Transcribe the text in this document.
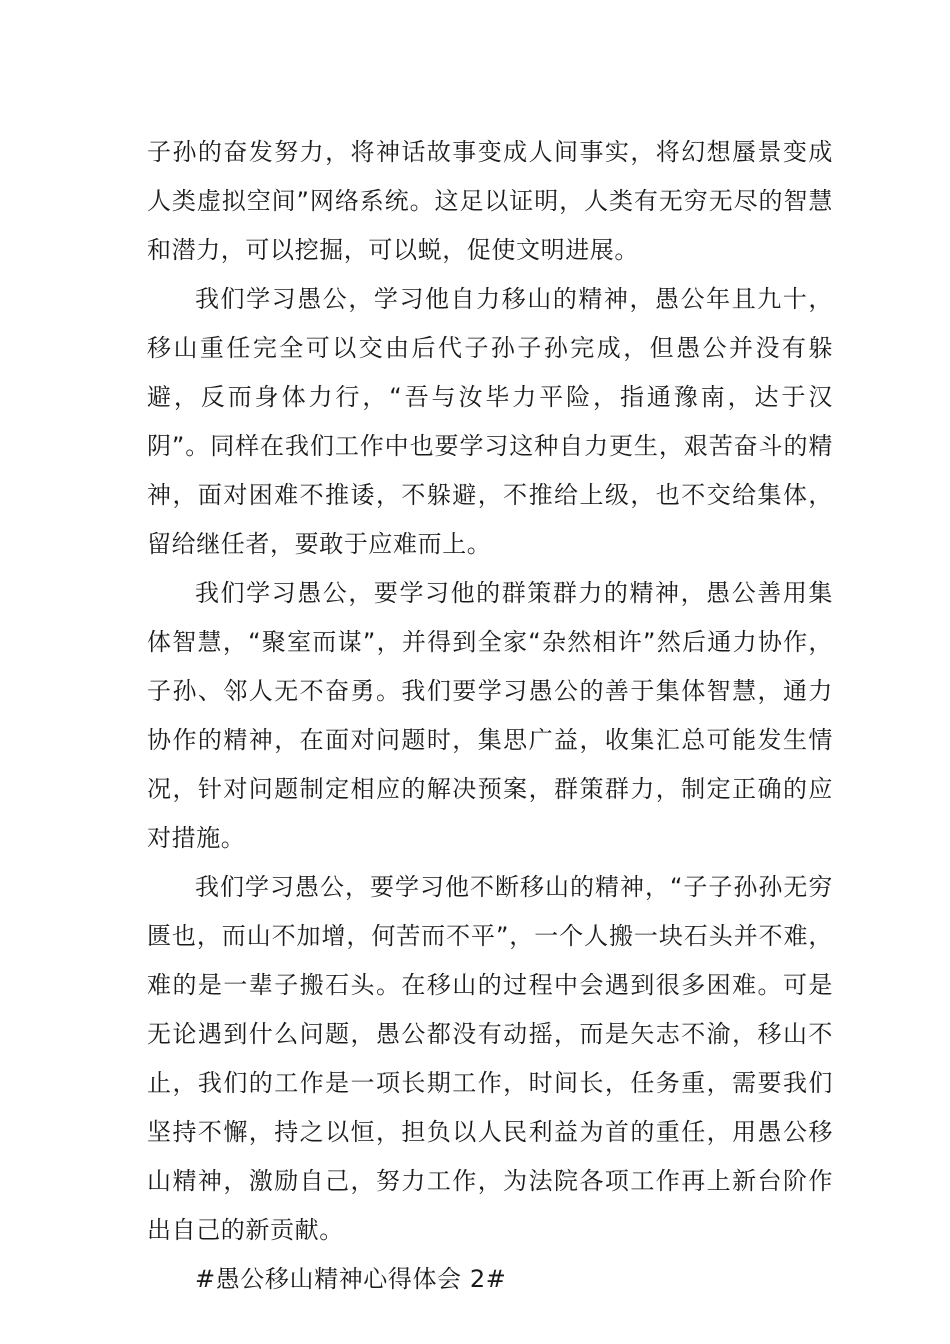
子孙的奋发努力，将神话故事变成人间事实，将幻想蜃景变成人类虚拟空间”网络系统。这足以证明，人类有无穷无尽的智慧和潜力，可以挖掘，可以蜕，促使文明进展。

我们学习愚公，学习他自力移山的精神，愚公年且九十，移山重任完全可以交由后代子孙子孙完成，但愚公并没有躲避，反而身体力行，“吾与汝毕力平险，指通豫南，达于汉阴”。同样在我们工作中也要学习这种自力更生，艰苦奋斗的精神，面对困难不推诿，不躲避，不推给上级，也不交给集体，留给继任者，要敢于应难而上。

我们学习愚公，要学习他的群策群力的精神，愚公善用集体智慧，“聚室而谋”，并得到全家“杂然相许”然后通力协作，子孙、邻人无不奋勇。我们要学习愚公的善于集体智慧，通力协作的精神，在面对问题时，集思广益，收集汇总可能发生情况，针对问题制定相应的解决预案，群策群力，制定正确的应对措施。

我们学习愚公，要学习他不断移山的精神，“子子孙孙无穷匮也，而山不加增，何苦而不平”，一个人搬一块石头并不难，难的是一辈子搬石头。在移山的过程中会遇到很多困难。可是无论遇到什么问题，愚公都没有动摇，而是矢志不渝，移山不止，我们的工作是一项长期工作，时间长，任务重，需要我们坚持不懈，持之以恒，担负以人民利益为首的重任，用愚公移山精神，激励自己，努力工作，为法院各项工作再上新台阶作出自己的新贡献。

#愚公移山精神心得体会 2#
